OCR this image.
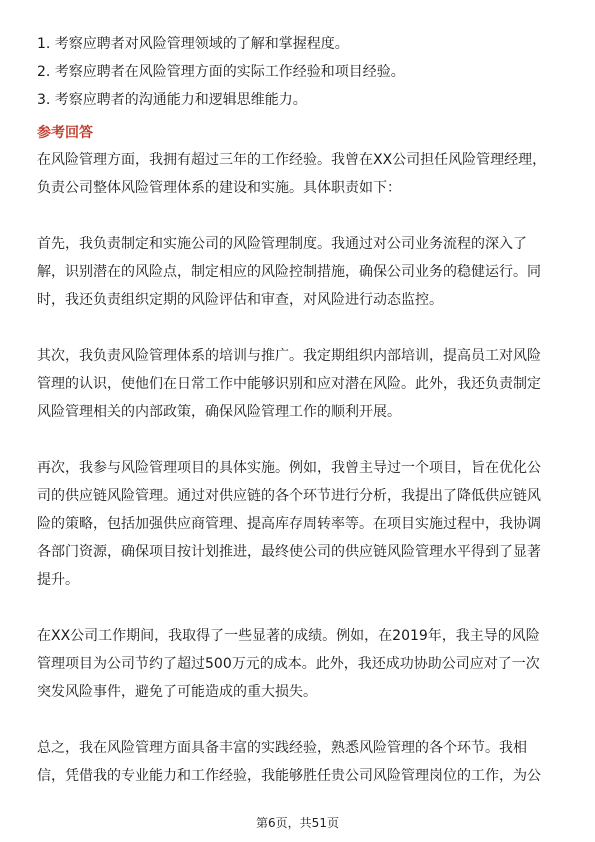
1. 考察应聘者对风险管理领域的了解和掌握程度。

2. 考察应聘者在风险管理方面的实际工作经验和项目经验。

3. 考察应聘者的沟通能力和逻辑思维能力。

参考回答

在风险管理方面，我拥有超过三年的工作经验。我曾在XX公司担任风险管理经理，
负责公司整体风险管理体系的建设和实施。具体职责如下：

首先，我负责制定和实施公司的风险管理制度。我通过对公司业务流程的深入了
解，识别潜在的风险点，制定相应的风险控制措施，确保公司业务的稳健运行。同
时，我还负责组织定期的风险评估和审查，对风险进行动态监控。

其次，我负责风险管理体系的培训与推广。我定期组织内部培训，提高员工对风险
管理的认识，使他们在日常工作中能够识别和应对潜在风险。此外，我还负责制定
风险管理相关的内部政策，确保风险管理工作的顺利开展。

再次，我参与风险管理项目的具体实施。例如，我曾主导过一个项目，旨在优化公
司的供应链风险管理。通过对供应链的各个环节进行分析，我提出了降低供应链风
险的策略，包括加强供应商管理、提高库存周转率等。在项目实施过程中，我协调
各部门资源，确保项目按计划推进，最终使公司的供应链风险管理水平得到了显著
提升。

在XX公司工作期间，我取得了一些显著的成绩。例如，在2019年，我主导的风险
管理项目为公司节约了超过500万元的成本。此外，我还成功协助公司应对了一次
突发风险事件，避免了可能造成的重大损失。

总之，我在风险管理方面具备丰富的实践经验，熟悉风险管理的各个环节。我相
信，凭借我的专业能力和工作经验，我能够胜任贵公司风险管理岗位的工作，为公

第6页，共51页
